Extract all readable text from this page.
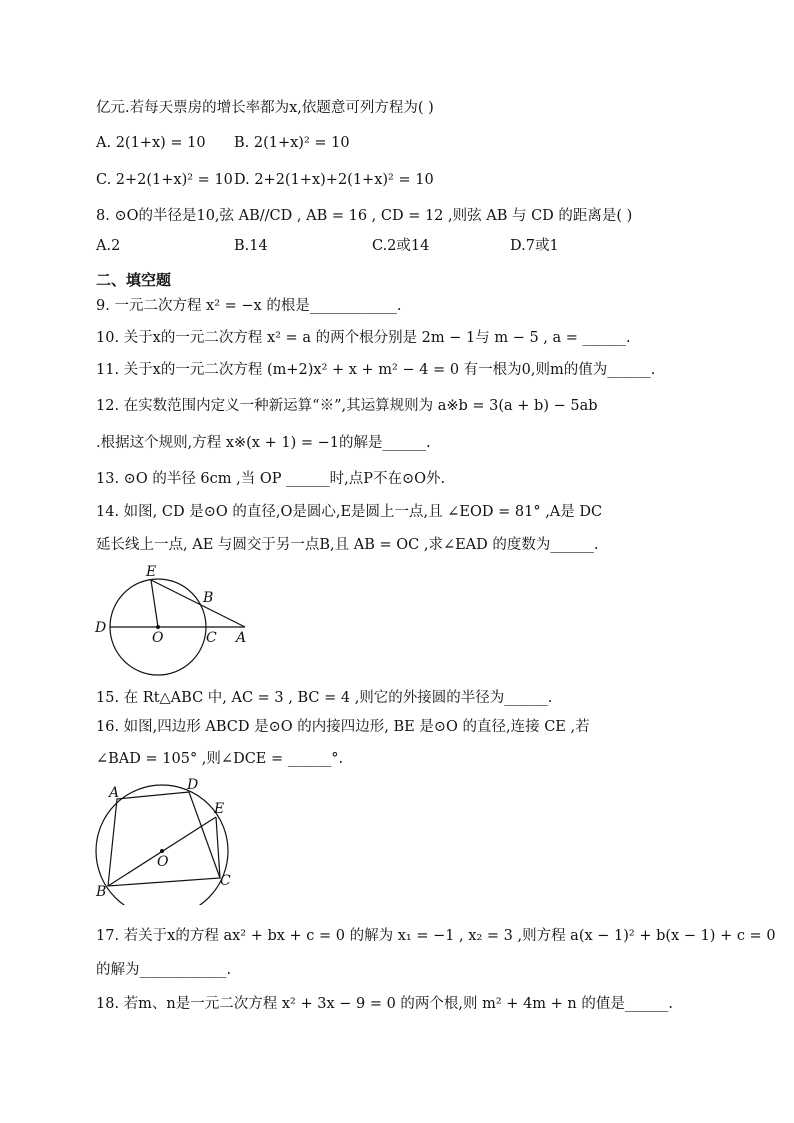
亿元.若每天票房的增长率都为x,依题意可列方程为( )
A. 2(1+x) = 10 B. 2(1+x)² = 10
C. 2+2(1+x)² = 10 D. 2+2(1+x)+2(1+x)² = 10
8. ⊙O的半径是10,弦 AB//CD , AB = 16 , CD = 12 ,则弦 AB 与 CD 的距离是( )
A.2	B.14	C.2或14	D.7或1
二、填空题
9. 一元二次方程 x² = −x 的根是____________.
10. 关于x的一元二次方程 x² = a 的两个根分别是 2m − 1与 m − 5 , a = ______.
11. 关于x的一元二次方程 (m+2)x² + x + m² − 4 = 0 有一根为0,则m的值为______.
12. 在实数范围内定义一种新运算“※”,其运算规则为 a※b = 3(a + b) − 5ab
.根据这个规则,方程 x※(x + 1) = −1的解是______.
13. ⊙O 的半径 6cm ,当 OP ______时,点P不在⊙O外.
14. 如图, CD 是⊙O 的直径,O是圆心,E是圆上一点,且 ∠EOD = 81° ,A是 DC
延长线上一点, AE 与圆交于另一点B,且 AB = OC ,求∠EAD 的度数为______.
E
B
D
O	C A
15. 在 Rt△ABC 中, AC = 3 , BC = 4 ,则它的外接圆的半径为______.
16. 如图,四边形 ABCD 是⊙O 的内接四边形, BE 是⊙O 的直径,连接 CE ,若
∠BAD = 105° ,则∠DCE = ______°.
A	D
E
O
B
C
17. 若关于x的方程 ax² + bx + c = 0 的解为 x₁ = −1 , x₂ = 3 ,则方程 a(x − 1)² + b(x − 1) + c = 0
的解为____________.
18. 若m、n是一元二次方程 x² + 3x − 9 = 0 的两个根,则 m² + 4m + n 的值是______.
